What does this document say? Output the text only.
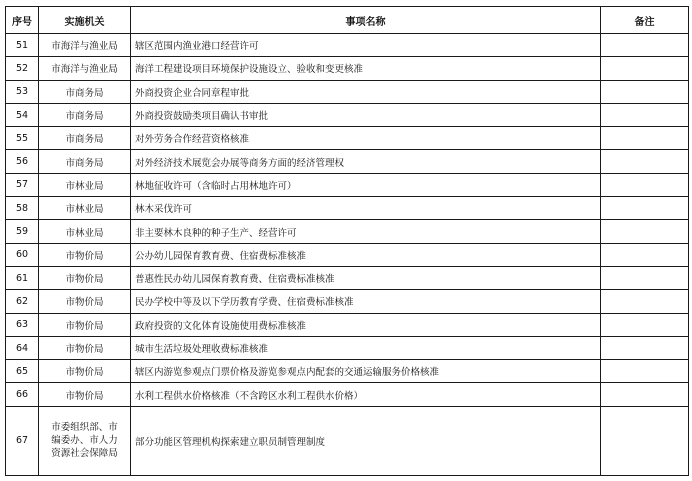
序号	实施机关	事项名称	备注
51	市海洋与渔业局	辖区范围内渔业港口经营许可	
52	市海洋与渔业局	海洋工程建设项目环境保护设施设立、验收和变更核准	
53	市商务局	外商投资企业合同章程审批	
54	市商务局	外商投资鼓励类项目确认书审批	
55	市商务局	对外劳务合作经营资格核准	
56	市商务局	对外经济技术展览会办展等商务方面的经济管理权	
57	市林业局	林地征收许可（含临时占用林地许可）	
58	市林业局	林木采伐许可	
59	市林业局	非主要林木良种的种子生产、经营许可	
60	市物价局	公办幼儿园保育教育费、住宿费标准核准	
61	市物价局	普惠性民办幼儿园保育教育费、住宿费标准核准	
62	市物价局	民办学校中等及以下学历教育学费、住宿费标准核准	
63	市物价局	政府投资的文化体育设施使用费标准核准	
64	市物价局	城市生活垃圾处理收费标准核准	
65	市物价局	辖区内游览参观点门票价格及游览参观点内配套的交通运输服务价格核准	
66	市物价局	水利工程供水价格核准（不含跨区水利工程供水价格）	
67	市委组织部、市编委办、市人力资源社会保障局	部分功能区管理机构探索建立职员制管理制度	
